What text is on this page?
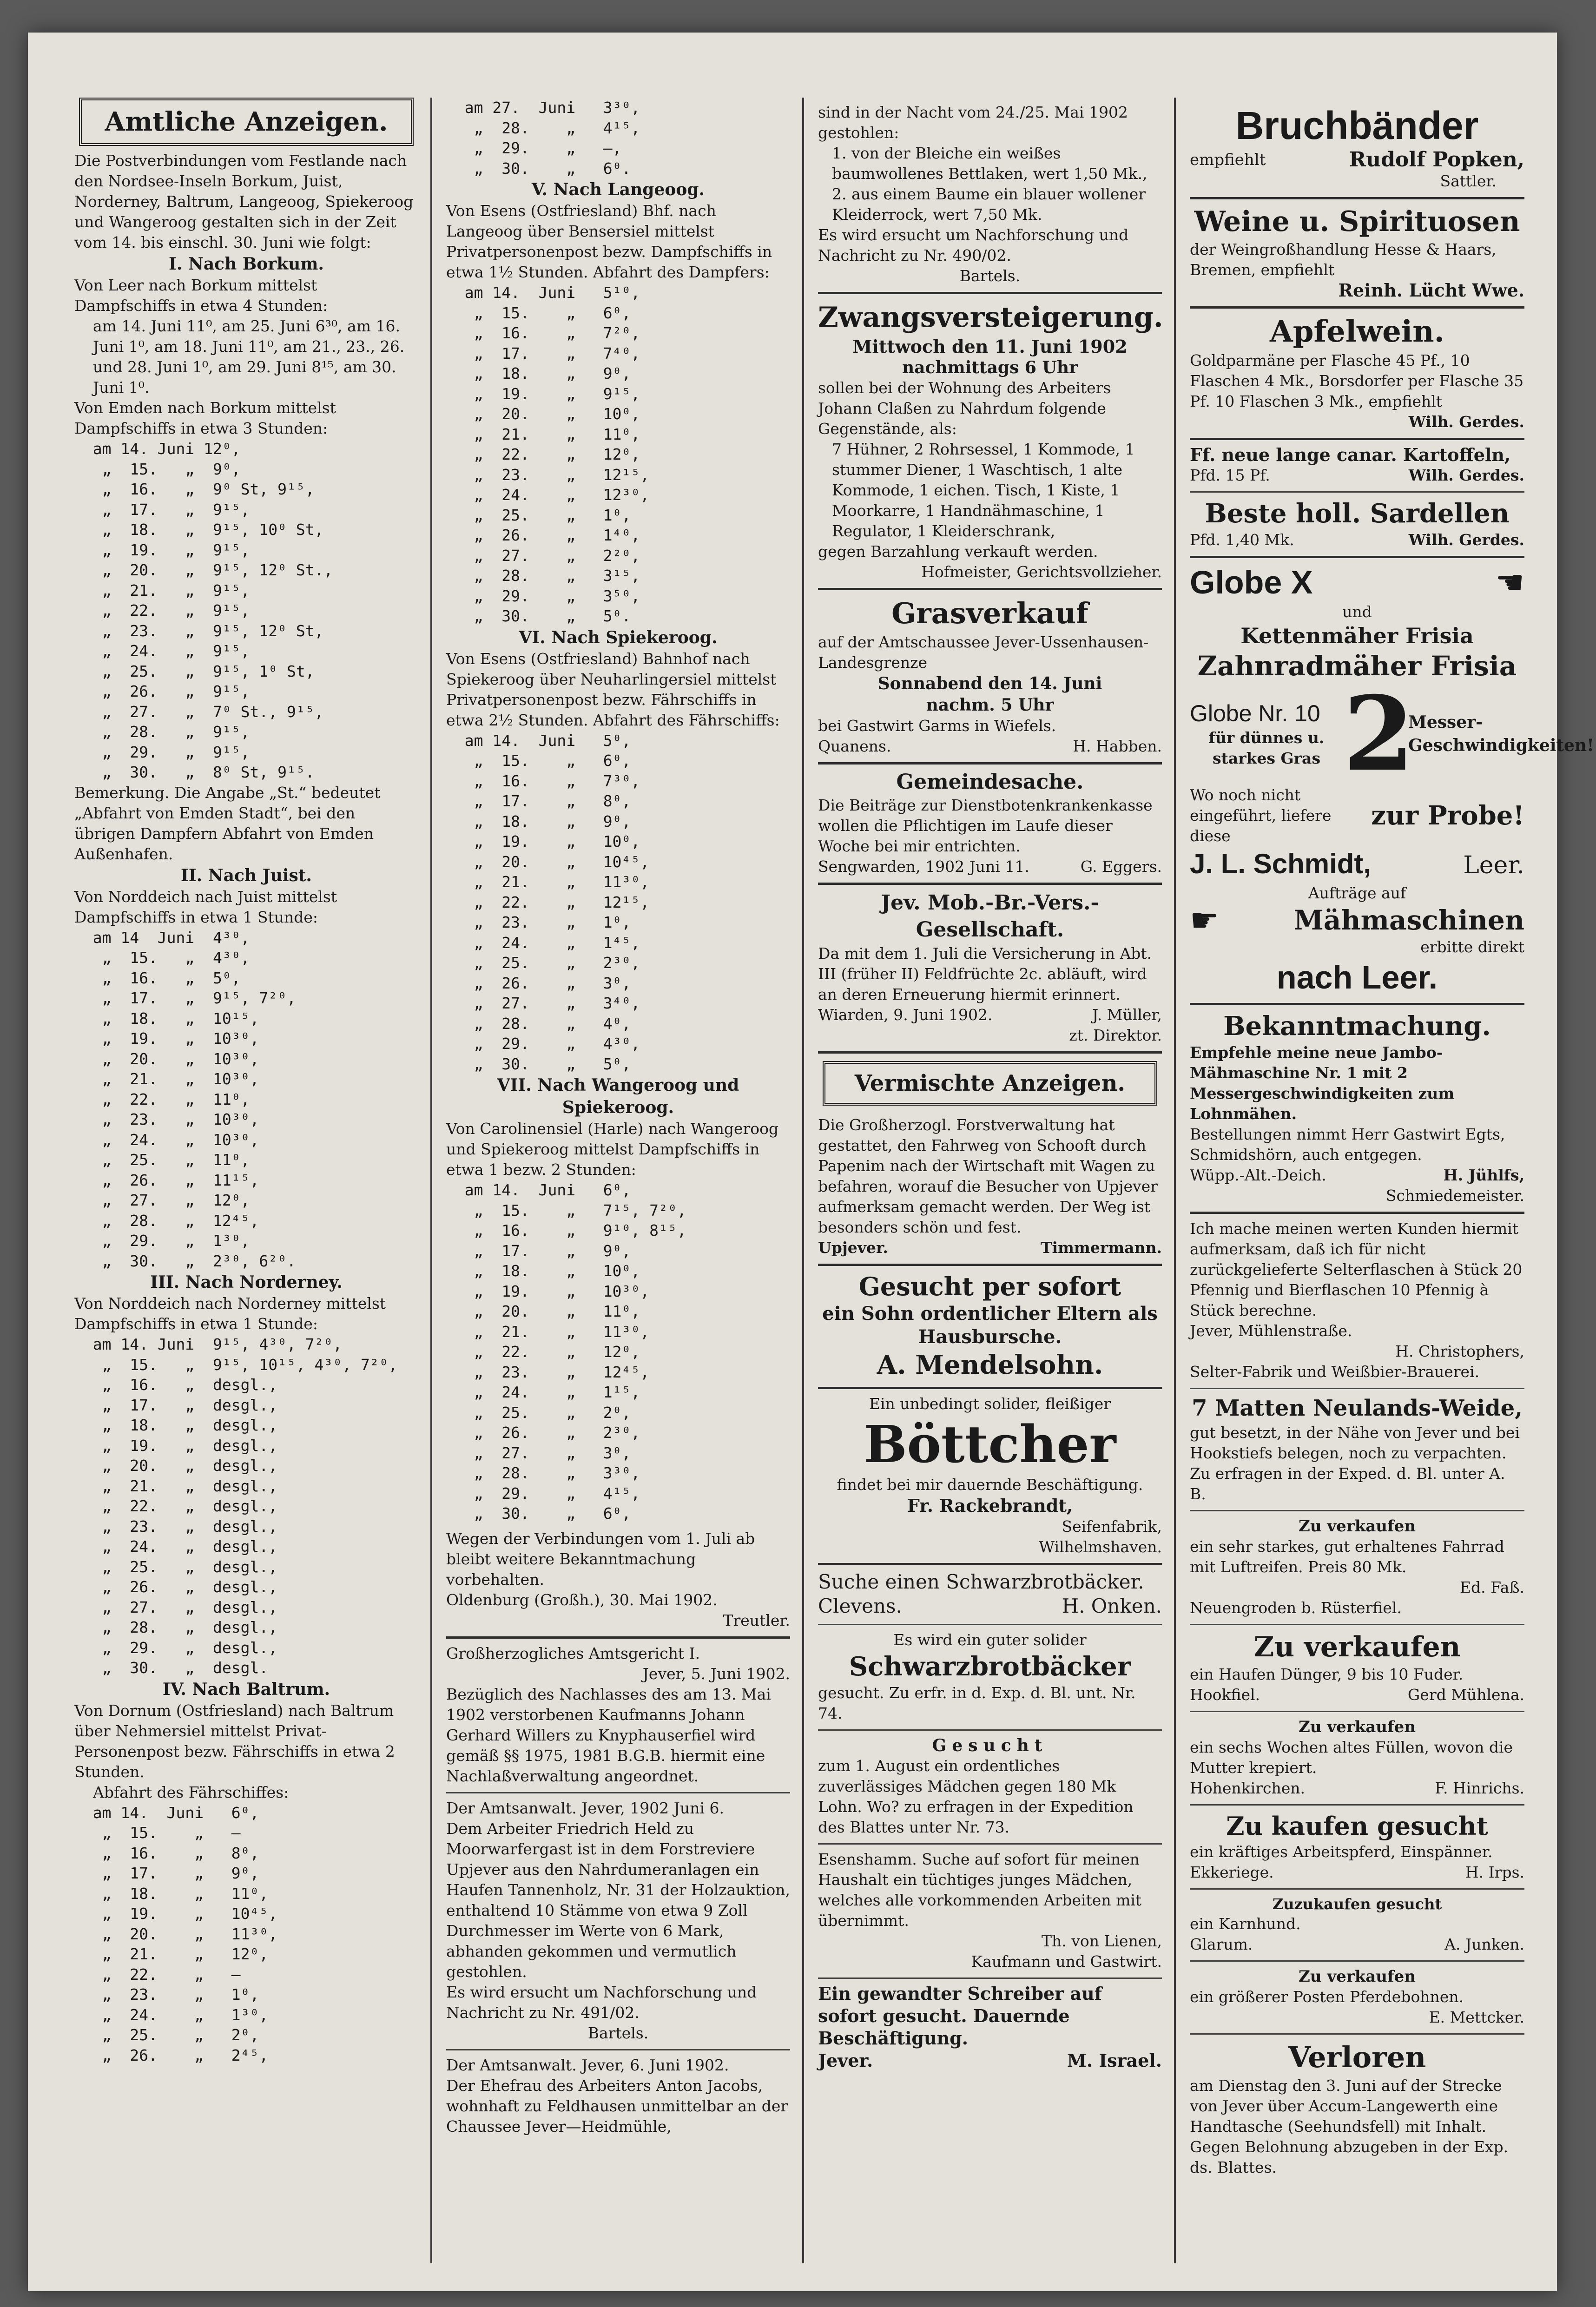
Amtliche Anzeigen.

Die Postverbindungen vom Festlande nach den Nordsee-Inseln Borkum, Juist, Norderney, Baltrum, Langeoog, Spiekeroog und Wangeroog gestalten sich in der Zeit vom 14. bis einschl. 30. Juni wie folgt:

I. Nach Borkum.

Von Leer nach Borkum mittelst Dampfschiffs in etwa 4 Stunden:

am 14. Juni 11⁰, am 25. Juni 6³⁰, am 16. Juni 1⁰, am 18. Juni 11⁰, am 21., 23., 26. und 28. Juni 1⁰, am 29. Juni 8¹⁵, am 30. Juni 1⁰.

Von Emden nach Borkum mittelst Dampfschiffs in etwa 3 Stunden:

am 14. Juni 12⁰,
„  15.   „  9⁰,
„  16.   „  9⁰ St, 9¹⁵,
„  17.   „  9¹⁵,
„  18.   „  9¹⁵, 10⁰ St,
„  19.   „  9¹⁵,
„  20.   „  9¹⁵, 12⁰ St.,
„  21.   „  9¹⁵,
„  22.   „  9¹⁵,
„  23.   „  9¹⁵, 12⁰ St,
„  24.   „  9¹⁵,
„  25.   „  9¹⁵, 1⁰ St,
„  26.   „  9¹⁵,
„  27.   „  7⁰ St., 9¹⁵,
„  28.   „  9¹⁵,
„  29.   „  9¹⁵,
„  30.   „  8⁰ St, 9¹⁵.

Bemerkung. Die Angabe „St.“ bedeutet „Abfahrt von Emden Stadt“, bei den übrigen Dampfern Abfahrt von Emden Außenhafen.

II. Nach Juist.

Von Norddeich nach Juist mittelst Dampfschiffs in etwa 1 Stunde:

am 14  Juni  4³⁰,
„  15.   „  4³⁰,
„  16.   „  5⁰,
„  17.   „  9¹⁵, 7²⁰,
„  18.   „  10¹⁵,
„  19.   „  10³⁰,
„  20.   „  10³⁰,
„  21.   „  10³⁰,
„  22.   „  11⁰,
„  23.   „  10³⁰,
„  24.   „  10³⁰,
„  25.   „  11⁰,
„  26.   „  11¹⁵,
„  27.   „  12⁰,
„  28.   „  12⁴⁵,
„  29.   „  1³⁰,
„  30.   „  2³⁰, 6²⁰.

III. Nach Norderney.

Von Norddeich nach Norderney mittelst Dampfschiffs in etwa 1 Stunde:

am 14. Juni  9¹⁵, 4³⁰, 7²⁰,
„  15.   „  9¹⁵, 10¹⁵, 4³⁰, 7²⁰,
„  16.   „  desgl.,
„  17.   „  desgl.,
„  18.   „  desgl.,
„  19.   „  desgl.,
„  20.   „  desgl.,
„  21.   „  desgl.,
„  22.   „  desgl.,
„  23.   „  desgl.,
„  24.   „  desgl.,
„  25.   „  desgl.,
„  26.   „  desgl.,
„  27.   „  desgl.,
„  28.   „  desgl.,
„  29.   „  desgl.,
„  30.   „  desgl.

IV. Nach Baltrum.

Von Dornum (Ostfriesland) nach Baltrum über Nehmersiel mittelst Privat-Personenpost bezw. Fährschiffs in etwa 2 Stunden.

Abfahrt des Fährschiffes:

am 14.  Juni   6⁰,
„  15.    „   —
„  16.    „   8⁰,
„  17.    „   9⁰,
„  18.    „   11⁰,
„  19.    „   10⁴⁵,
„  20.    „   11³⁰,
„  21.    „   12⁰,
„  22.    „   —
„  23.    „   1⁰,
„  24.    „   1³⁰,
„  25.    „   2⁰,
„  26.    „   2⁴⁵,
am 27.  Juni   3³⁰,
„  28.    „   4¹⁵,
„  29.    „   —,
„  30.    „   6⁰.

V. Nach Langeoog.

Von Esens (Ostfriesland) Bhf. nach Langeoog über Bensersiel mittelst Privatpersonenpost bezw. Dampfschiffs in etwa 1½ Stunden. Abfahrt des Dampfers:

am 14.  Juni   5¹⁰,
„  15.    „   6⁰,
„  16.    „   7²⁰,
„  17.    „   7⁴⁰,
„  18.    „   9⁰,
„  19.    „   9¹⁵,
„  20.    „   10⁰,
„  21.    „   11⁰,
„  22.    „   12⁰,
„  23.    „   12¹⁵,
„  24.    „   12³⁰,
„  25.    „   1⁰,
„  26.    „   1⁴⁰,
„  27.    „   2²⁰,
„  28.    „   3¹⁵,
„  29.    „   3⁵⁰,
„  30.    „   5⁰.

VI. Nach Spiekeroog.

Von Esens (Ostfriesland) Bahnhof nach Spiekeroog über Neuharlingersiel mittelst Privatpersonenpost bezw. Fährschiffs in etwa 2½ Stunden. Abfahrt des Fährschiffs:

am 14.  Juni   5⁰,
„  15.    „   6⁰,
„  16.    „   7³⁰,
„  17.    „   8⁰,
„  18.    „   9⁰,
„  19.    „   10⁰,
„  20.    „   10⁴⁵,
„  21.    „   11³⁰,
„  22.    „   12¹⁵,
„  23.    „   1⁰,
„  24.    „   1⁴⁵,
„  25.    „   2³⁰,
„  26.    „   3⁰,
„  27.    „   3⁴⁰,
„  28.    „   4⁰,
„  29.    „   4³⁰,
„  30.    „   5⁰,

VII. Nach Wangeroog und Spiekeroog.

Von Carolinensiel (Harle) nach Wangeroog und Spiekeroog mittelst Dampfschiffs in etwa 1 bezw. 2 Stunden:

am 14.  Juni   6⁰,
„  15.    „   7¹⁵, 7²⁰,
„  16.    „   9¹⁰, 8¹⁵,
„  17.    „   9⁰,
„  18.    „   10⁰,
„  19.    „   10³⁰,
„  20.    „   11⁰,
„  21.    „   11³⁰,
„  22.    „   12⁰,
„  23.    „   12⁴⁵,
„  24.    „   1¹⁵,
„  25.    „   2⁰,
„  26.    „   2³⁰,
„  27.    „   3⁰,
„  28.    „   3³⁰,
„  29.    „   4¹⁵,
„  30.    „   6⁰,

Wegen der Verbindungen vom 1. Juli ab bleibt weitere Bekanntmachung vorbehalten.

Oldenburg (Großh.), 30. Mai 1902.

Treutler.

Großherzogliches Amtsgericht I.

Jever, 5. Juni 1902.

Bezüglich des Nachlasses des am 13. Mai 1902 verstorbenen Kaufmanns Johann Gerhard Willers zu Knyphauserfiel wird gemäß §§ 1975, 1981 B.G.B. hiermit eine Nachlaßverwaltung angeordnet.

Der Amtsanwalt. Jever, 1902 Juni 6.

Dem Arbeiter Friedrich Held zu Moorwarfergast ist in dem Forstreviere Upjever aus den Nahrdumeranlagen ein Haufen Tannenholz, Nr. 31 der Holzauktion, enthaltend 10 Stämme von etwa 9 Zoll Durchmesser im Werte von 6 Mark, abhanden gekommen und vermutlich gestohlen.

Es wird ersucht um Nachforschung und Nachricht zu Nr. 491/02.

Bartels.

Der Amtsanwalt. Jever, 6. Juni 1902.

Der Ehefrau des Arbeiters Anton Jacobs, wohnhaft zu Feldhausen unmittelbar an der Chaussee Jever—Heidmühle,

sind in der Nacht vom 24./25. Mai 1902 gestohlen:

1. von der Bleiche ein weißes baumwollenes Bettlaken, wert 1,50 Mk.,

2. aus einem Baume ein blauer wollener Kleiderrock, wert 7,50 Mk.

Es wird ersucht um Nachforschung und Nachricht zu Nr. 490/02.

Bartels.

Zwangsversteigerung.

Mittwoch den 11. Juni 1902

nachmittags 6 Uhr

sollen bei der Wohnung des Arbeiters Johann Claßen zu Nahrdum folgende Gegenstände, als:

7 Hühner, 2 Rohrsessel, 1 Kommode, 1 stummer Diener, 1 Waschtisch, 1 alte Kommode, 1 eichen. Tisch, 1 Kiste, 1 Moorkarre, 1 Handnähmaschine, 1 Regulator, 1 Kleiderschrank,

gegen Barzahlung verkauft werden.

Hofmeister, Gerichtsvollzieher.

Grasverkauf

auf der Amtschaussee Jever-Ussenhausen-Landesgrenze

Sonnabend den 14. Juni

nachm. 5 Uhr

bei Gastwirt Garms in Wiefels.

Quanens.	H. Habben.

Gemeindesache.

Die Beiträge zur Dienstbotenkrankenkasse wollen die Pflichtigen im Laufe dieser Woche bei mir entrichten.

Sengwarden, 1902 Juni 11.	G. Eggers.

Jev. Mob.-Br.-Vers.-Gesellschaft.

Da mit dem 1. Juli die Versicherung in Abt. III (früher II) Feldfrüchte 2c. abläuft, wird an deren Erneuerung hiermit erinnert.

Wiarden, 9. Juni 1902.	J. Müller,

zt. Direktor.

Vermischte Anzeigen.

Die Großherzogl. Forstverwaltung hat gestattet, den Fahrweg von Schooft durch Papenim nach der Wirtschaft mit Wagen zu befahren, worauf die Besucher von Upjever aufmerksam gemacht werden. Der Weg ist besonders schön und fest.

Upjever.	Timmermann.

Gesucht per sofort

ein Sohn ordentlicher Eltern als Hausbursche.

A. Mendelsohn.

Ein unbedingt solider, fleißiger

Böttcher

findet bei mir dauernde Beschäftigung.

Fr. Rackebrandt,

Seifenfabrik,

Wilhelmshaven.

Suche einen Schwarzbrotbäcker.

Clevens.	H. Onken.

Es wird ein guter solider

Schwarzbrotbäcker

gesucht. Zu erfr. in d. Exp. d. Bl. unt. Nr. 74.

Gesucht

zum 1. August ein ordentliches zuverlässiges Mädchen gegen 180 Mk Lohn. Wo? zu erfragen in der Expedition des Blattes unter Nr. 73.

Esenshamm. Suche auf sofort für meinen Haushalt ein tüchtiges junges Mädchen, welches alle vorkommenden Arbeiten mit übernimmt.

Th. von Lienen,

Kaufmann und Gastwirt.

Ein gewandter Schreiber auf sofort gesucht. Dauernde Beschäftigung.

Jever.	M. Israel.

Bruchbänder

empfiehlt	Rudolf Popken,

Sattler.

Weine u. Spirituosen

der Weingroßhandlung Hesse & Haars, Bremen, empfiehlt

Reinh. Lücht Wwe.

Apfelwein.

Goldparmäne per Flasche 45 Pf., 10 Flaschen 4 Mk., Borsdorfer per Flasche 35 Pf. 10 Flaschen 3 Mk., empfiehlt

Wilh. Gerdes.

Ff. neue lange canar. Kartoffeln,

Pfd. 15 Pf.	Wilh. Gerdes.

Beste holl. Sardellen

Pfd. 1,40 Mk.	Wilh. Gerdes.
Globe X	☚

und

Kettenmäher Frisia

Zahnradmäher Frisia

Globe Nr. 10

für dünnes u. starkes Gras 2

Messer-Geschwindigkeiten!

Wo noch nicht eingeführt, liefere diese

zur Probe!

J. L. Schmidt,	Leer.

Aufträge auf

☛	Mähmaschinen

erbitte direkt

nach Leer.

Bekanntmachung.

Empfehle meine neue Jambo-Mähmaschine Nr. 1 mit 2 Messergeschwindigkeiten zum Lohnmähen.

Bestellungen nimmt Herr Gastwirt Egts, Schmidshörn, auch entgegen.

Wüpp.-Alt.-Deich.	H. Jühlfs,

Schmiedemeister.

Ich mache meinen werten Kunden hiermit aufmerksam, daß ich für nicht zurückgelieferte Selterflaschen à Stück 20 Pfennig und Bierflaschen 10 Pfennig à Stück berechne.

Jever, Mühlenstraße.

H. Christophers,

Selter-Fabrik und Weißbier-Brauerei.

7 Matten Neulands-Weide,

gut besetzt, in der Nähe von Jever und bei Hookstiefs belegen, noch zu verpachten. Zu erfragen in der Exped. d. Bl. unter A. B.

Zu verkaufen

ein sehr starkes, gut erhaltenes Fahrrad mit Luftreifen. Preis 80 Mk.

Ed. Faß.

Neuengroden b. Rüsterfiel.

Zu verkaufen

ein Haufen Dünger, 9 bis 10 Fuder.

Hookfiel.	Gerd Mühlena.

Zu verkaufen

ein sechs Wochen altes Füllen, wovon die Mutter krepiert.

Hohenkirchen.	F. Hinrichs.

Zu kaufen gesucht

ein kräftiges Arbeitspferd, Einspänner.

Ekkeriege.	H. Irps.

Zuzukaufen gesucht

ein Karnhund.

Glarum.	A. Junken.

Zu verkaufen

ein größerer Posten Pferdebohnen.

E. Mettcker.

Verloren

am Dienstag den 3. Juni auf der Strecke von Jever über Accum-Langewerth eine Handtasche (Seehundsfell) mit Inhalt. Gegen Belohnung abzugeben in der Exp. ds. Blattes.
